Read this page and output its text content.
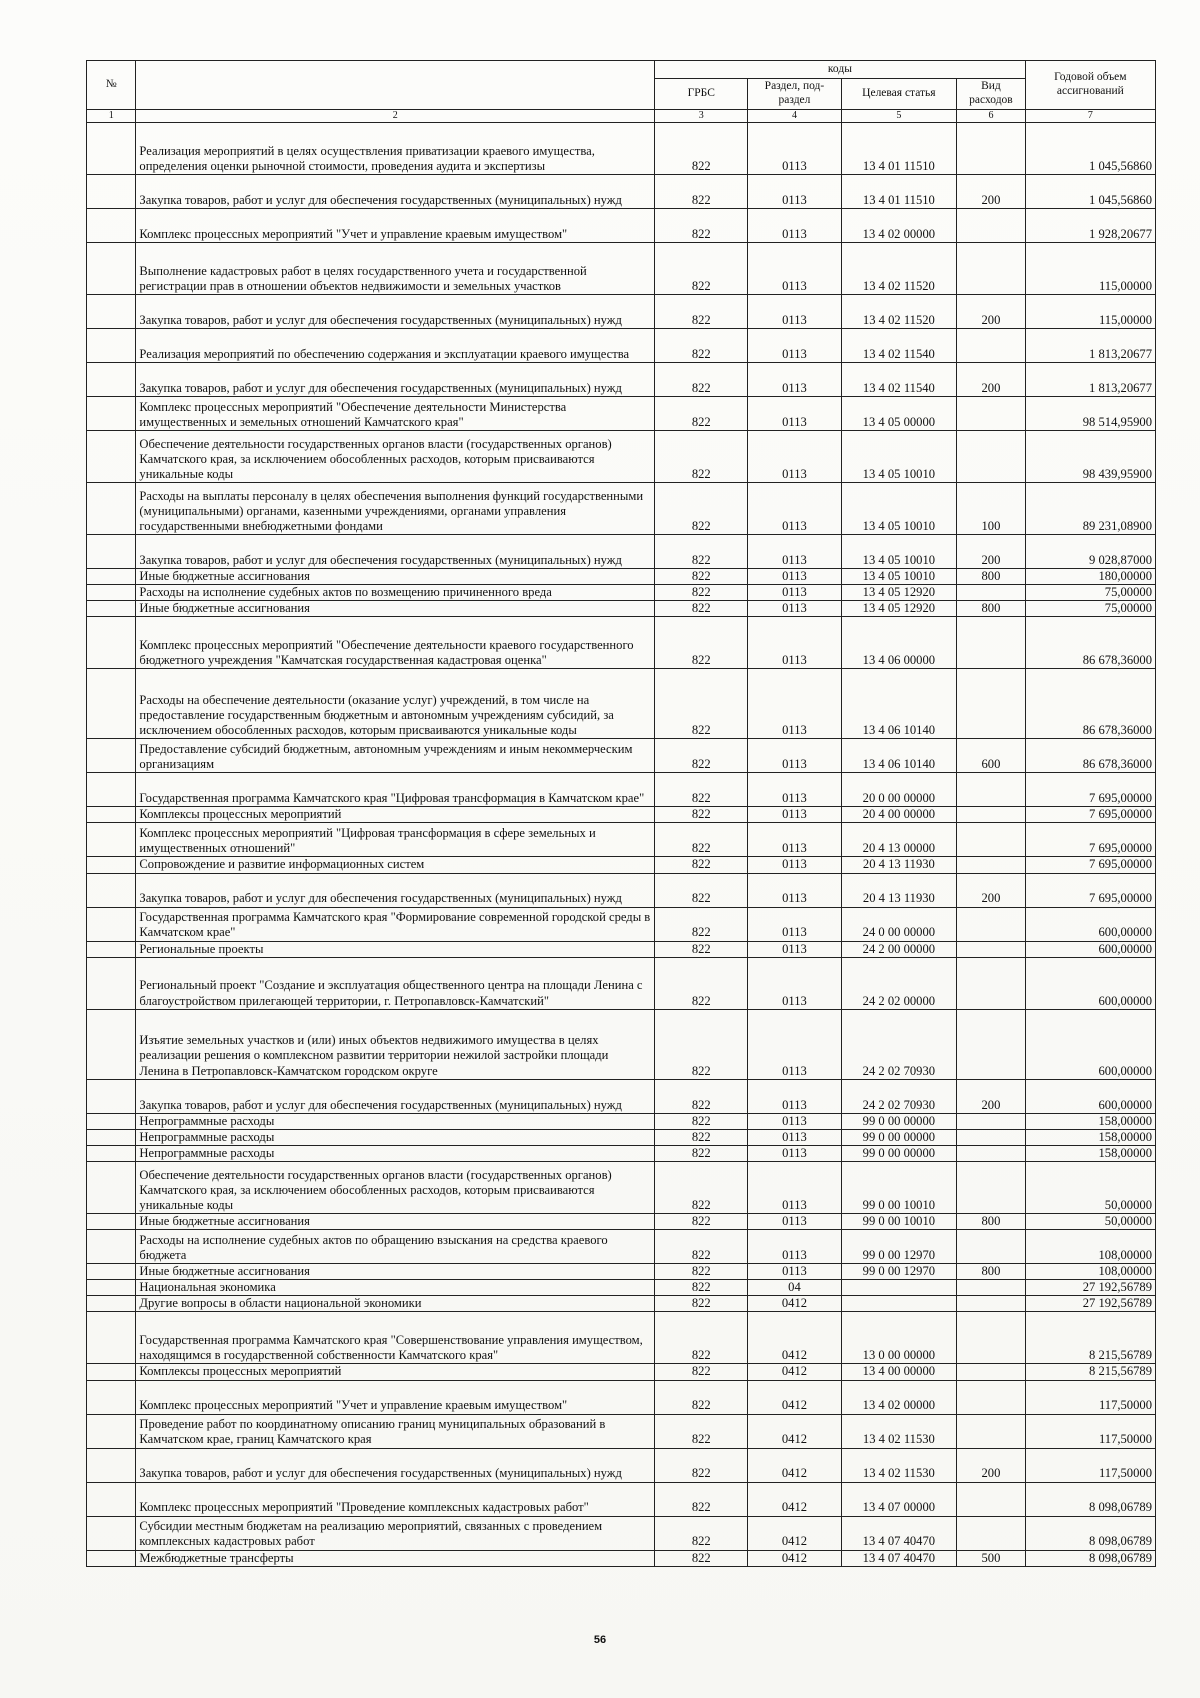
№		коды				Годовой объем ассигнований
		ГРБС	Раздел, под-раздел	Целевая статья	Вид расходов	
1	2	3	4	5	6	7
	Реализация мероприятий в целях осуществления приватизации краевого имущества, определения оценки рыночной стоимости, проведения аудита и экспертизы	822	0113	13 4 01 11510		1 045,56860
	Закупка товаров, работ и услуг для обеспечения государственных (муниципальных) нужд	822	0113	13 4 01 11510	200	1 045,56860
	Комплекс процессных мероприятий "Учет и управление краевым имуществом"	822	0113	13 4 02 00000		1 928,20677
	Выполнение кадастровых работ в целях государственного учета и государственной регистрации прав в отношении объектов недвижимости и земельных участков	822	0113	13 4 02 11520		115,00000
	Закупка товаров, работ и услуг для обеспечения государственных (муниципальных) нужд	822	0113	13 4 02 11520	200	115,00000
	Реализация мероприятий по обеспечению содержания и эксплуатации краевого имущества	822	0113	13 4 02 11540		1 813,20677
	Закупка товаров, работ и услуг для обеспечения государственных (муниципальных) нужд	822	0113	13 4 02 11540	200	1 813,20677
	Комплекс процессных мероприятий "Обеспечение деятельности Министерства имущественных и земельных отношений Камчатского края"	822	0113	13 4 05 00000		98 514,95900
	Обеспечение деятельности государственных органов власти (государственных органов) Камчатского края, за исключением обособленных расходов, которым присваиваются уникальные коды	822	0113	13 4 05 10010		98 439,95900
	Расходы на выплаты персоналу в целях обеспечения выполнения функций государственными (муниципальными) органами, казенными учреждениями, органами управления государственными внебюджетными фондами	822	0113	13 4 05 10010	100	89 231,08900
	Закупка товаров, работ и услуг для обеспечения государственных (муниципальных) нужд	822	0113	13 4 05 10010	200	9 028,87000
	Иные бюджетные ассигнования	822	0113	13 4 05 10010	800	180,00000
	Расходы на исполнение судебных актов по возмещению причиненного вреда	822	0113	13 4 05 12920		75,00000
	Иные бюджетные ассигнования	822	0113	13 4 05 12920	800	75,00000
	Комплекс процессных мероприятий "Обеспечение деятельности краевого государственного бюджетного учреждения "Камчатская государственная кадастровая оценка"	822	0113	13 4 06 00000		86 678,36000
	Расходы на обеспечение деятельности (оказание услуг) учреждений, в том числе на предоставление государственным бюджетным и автономным учреждениям субсидий, за исключением обособленных расходов, которым присваиваются уникальные коды	822	0113	13 4 06 10140		86 678,36000
	Предоставление субсидий бюджетным, автономным учреждениям и иным некоммерческим организациям	822	0113	13 4 06 10140	600	86 678,36000
	Государственная программа Камчатского края "Цифровая трансформация в Камчатском крае"	822	0113	20 0 00 00000		7 695,00000
	Комплексы процессных мероприятий	822	0113	20 4 00 00000		7 695,00000
	Комплекс процессных мероприятий "Цифровая трансформация в сфере земельных и имущественных отношений"	822	0113	20 4 13 00000		7 695,00000
	Сопровождение и развитие информационных систем	822	0113	20 4 13 11930		7 695,00000
	Закупка товаров, работ и услуг для обеспечения государственных (муниципальных) нужд	822	0113	20 4 13 11930	200	7 695,00000
	Государственная программа Камчатского края "Формирование современной городской среды в Камчатском крае"	822	0113	24 0 00 00000		600,00000
	Региональные проекты	822	0113	24 2 00 00000		600,00000
	Региональный проект "Создание и эксплуатация общественного центра на площади Ленина с благоустройством прилегающей территории, г. Петропавловск-Камчатский"	822	0113	24 2 02 00000		600,00000
	Изъятие земельных участков и (или) иных объектов недвижимого имущества в целях реализации решения о комплексном развитии территории нежилой застройки площади Ленина в Петропавловск-Камчатском городском округе	822	0113	24 2 02 70930		600,00000
	Закупка товаров, работ и услуг для обеспечения государственных (муниципальных) нужд	822	0113	24 2 02 70930	200	600,00000
	Непрограммные расходы	822	0113	99 0 00 00000		158,00000
	Непрограммные расходы	822	0113	99 0 00 00000		158,00000
	Непрограммные расходы	822	0113	99 0 00 00000		158,00000
	Обеспечение деятельности государственных органов власти (государственных органов) Камчатского края, за исключением обособленных расходов, которым присваиваются уникальные коды	822	0113	99 0 00 10010		50,00000
	Иные бюджетные ассигнования	822	0113	99 0 00 10010	800	50,00000
	Расходы на исполнение судебных актов по обращению взыскания на средства краевого бюджета	822	0113	99 0 00 12970		108,00000
	Иные бюджетные ассигнования	822	0113	99 0 00 12970	800	108,00000
	Национальная экономика	822	04			27 192,56789
	Другие вопросы в области национальной экономики	822	0412			27 192,56789
	Государственная программа Камчатского края "Совершенствование управления имуществом, находящимся в государственной собственности Камчатского края"	822	0412	13 0 00 00000		8 215,56789
	Комплексы процессных мероприятий	822	0412	13 4 00 00000		8 215,56789
	Комплекс процессных мероприятий "Учет и управление краевым имуществом"	822	0412	13 4 02 00000		117,50000
	Проведение работ по координатному описанию границ муниципальных образований в Камчатском крае, границ Камчатского края	822	0412	13 4 02 11530		117,50000
	Закупка товаров, работ и услуг для обеспечения государственных (муниципальных) нужд	822	0412	13 4 02 11530	200	117,50000
	Комплекс процессных мероприятий "Проведение комплексных кадастровых работ"	822	0412	13 4 07 00000		8 098,06789
	Субсидии местным бюджетам на реализацию мероприятий, связанных с проведением комплексных кадастровых работ	822	0412	13 4 07 40470		8 098,06789
	Межбюджетные трансферты	822	0412	13 4 07 40470	500	8 098,06789
56
